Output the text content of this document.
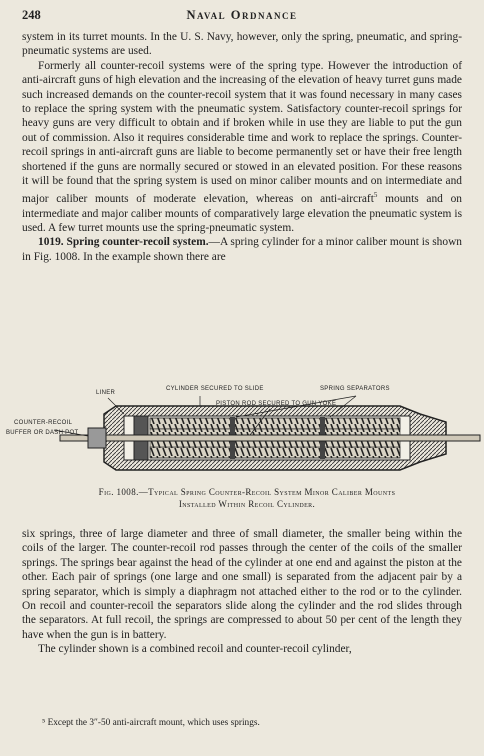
248	Naval Ordnance

system in its turret mounts. In the U. S. Navy, however, only the spring, pneumatic, and spring-pneumatic systems are used.

Formerly all counter-recoil systems were of the spring type. However the introduction of anti-aircraft guns of high elevation and the increasing of the elevation of heavy turret guns made such increased demands on the counter-recoil system that it was found necessary in many cases to replace the spring system with the pneumatic system. Satisfactory counter-recoil springs for heavy guns are very difficult to obtain and if broken while in use they are liable to put the gun out of commission. Also it requires considerable time and work to replace the springs. Counter-recoil springs in anti-aircraft guns are liable to become permanently set or have their free length shortened if the guns are normally secured or stowed in an elevated position. For these reasons it will be found that the spring system is used on minor caliber mounts and on intermediate and major caliber mounts of moderate elevation, whereas on anti-aircraft$^5$ mounts and on intermediate and major caliber mounts of comparatively large elevation the pneumatic system is used. A few turret mounts use the spring-pneumatic system.

1019. Spring counter-recoil system.—A spring cylinder for a minor caliber mount is shown in Fig. 1008. In the example shown there are

LINER
CYLINDER SECURED TO SLIDE	SPRING SEPARATORS
PISTON ROD SECURED TO GUN YOKE
COUNTER-RECOIL
BUFFER OR DASH POT
Fig. 1008.—Typical Spring Counter-Recoil System Minor Caliber Mounts
Installed Within Recoil Cylinder.

six springs, three of large diameter and three of small diameter, the smaller being within the coils of the larger. The counter-recoil rod passes through the center of the coils of the smaller springs. The springs bear against the head of the cylinder at one end and against the piston at the other. Each pair of springs (one large and one small) is separated from the adjacent pair by a spring separator, which is simply a diaphragm not attached either to the rod or to the cylinder. On recoil and counter-recoil the separators slide along the cylinder and the rod slides through the separators. At full recoil, the springs are compressed to about 50 per cent of the length they have when the gun is in battery.

The cylinder shown is a combined recoil and counter-recoil cylinder,

⁵ Except the 3″-50 anti-aircraft mount, which uses springs.
